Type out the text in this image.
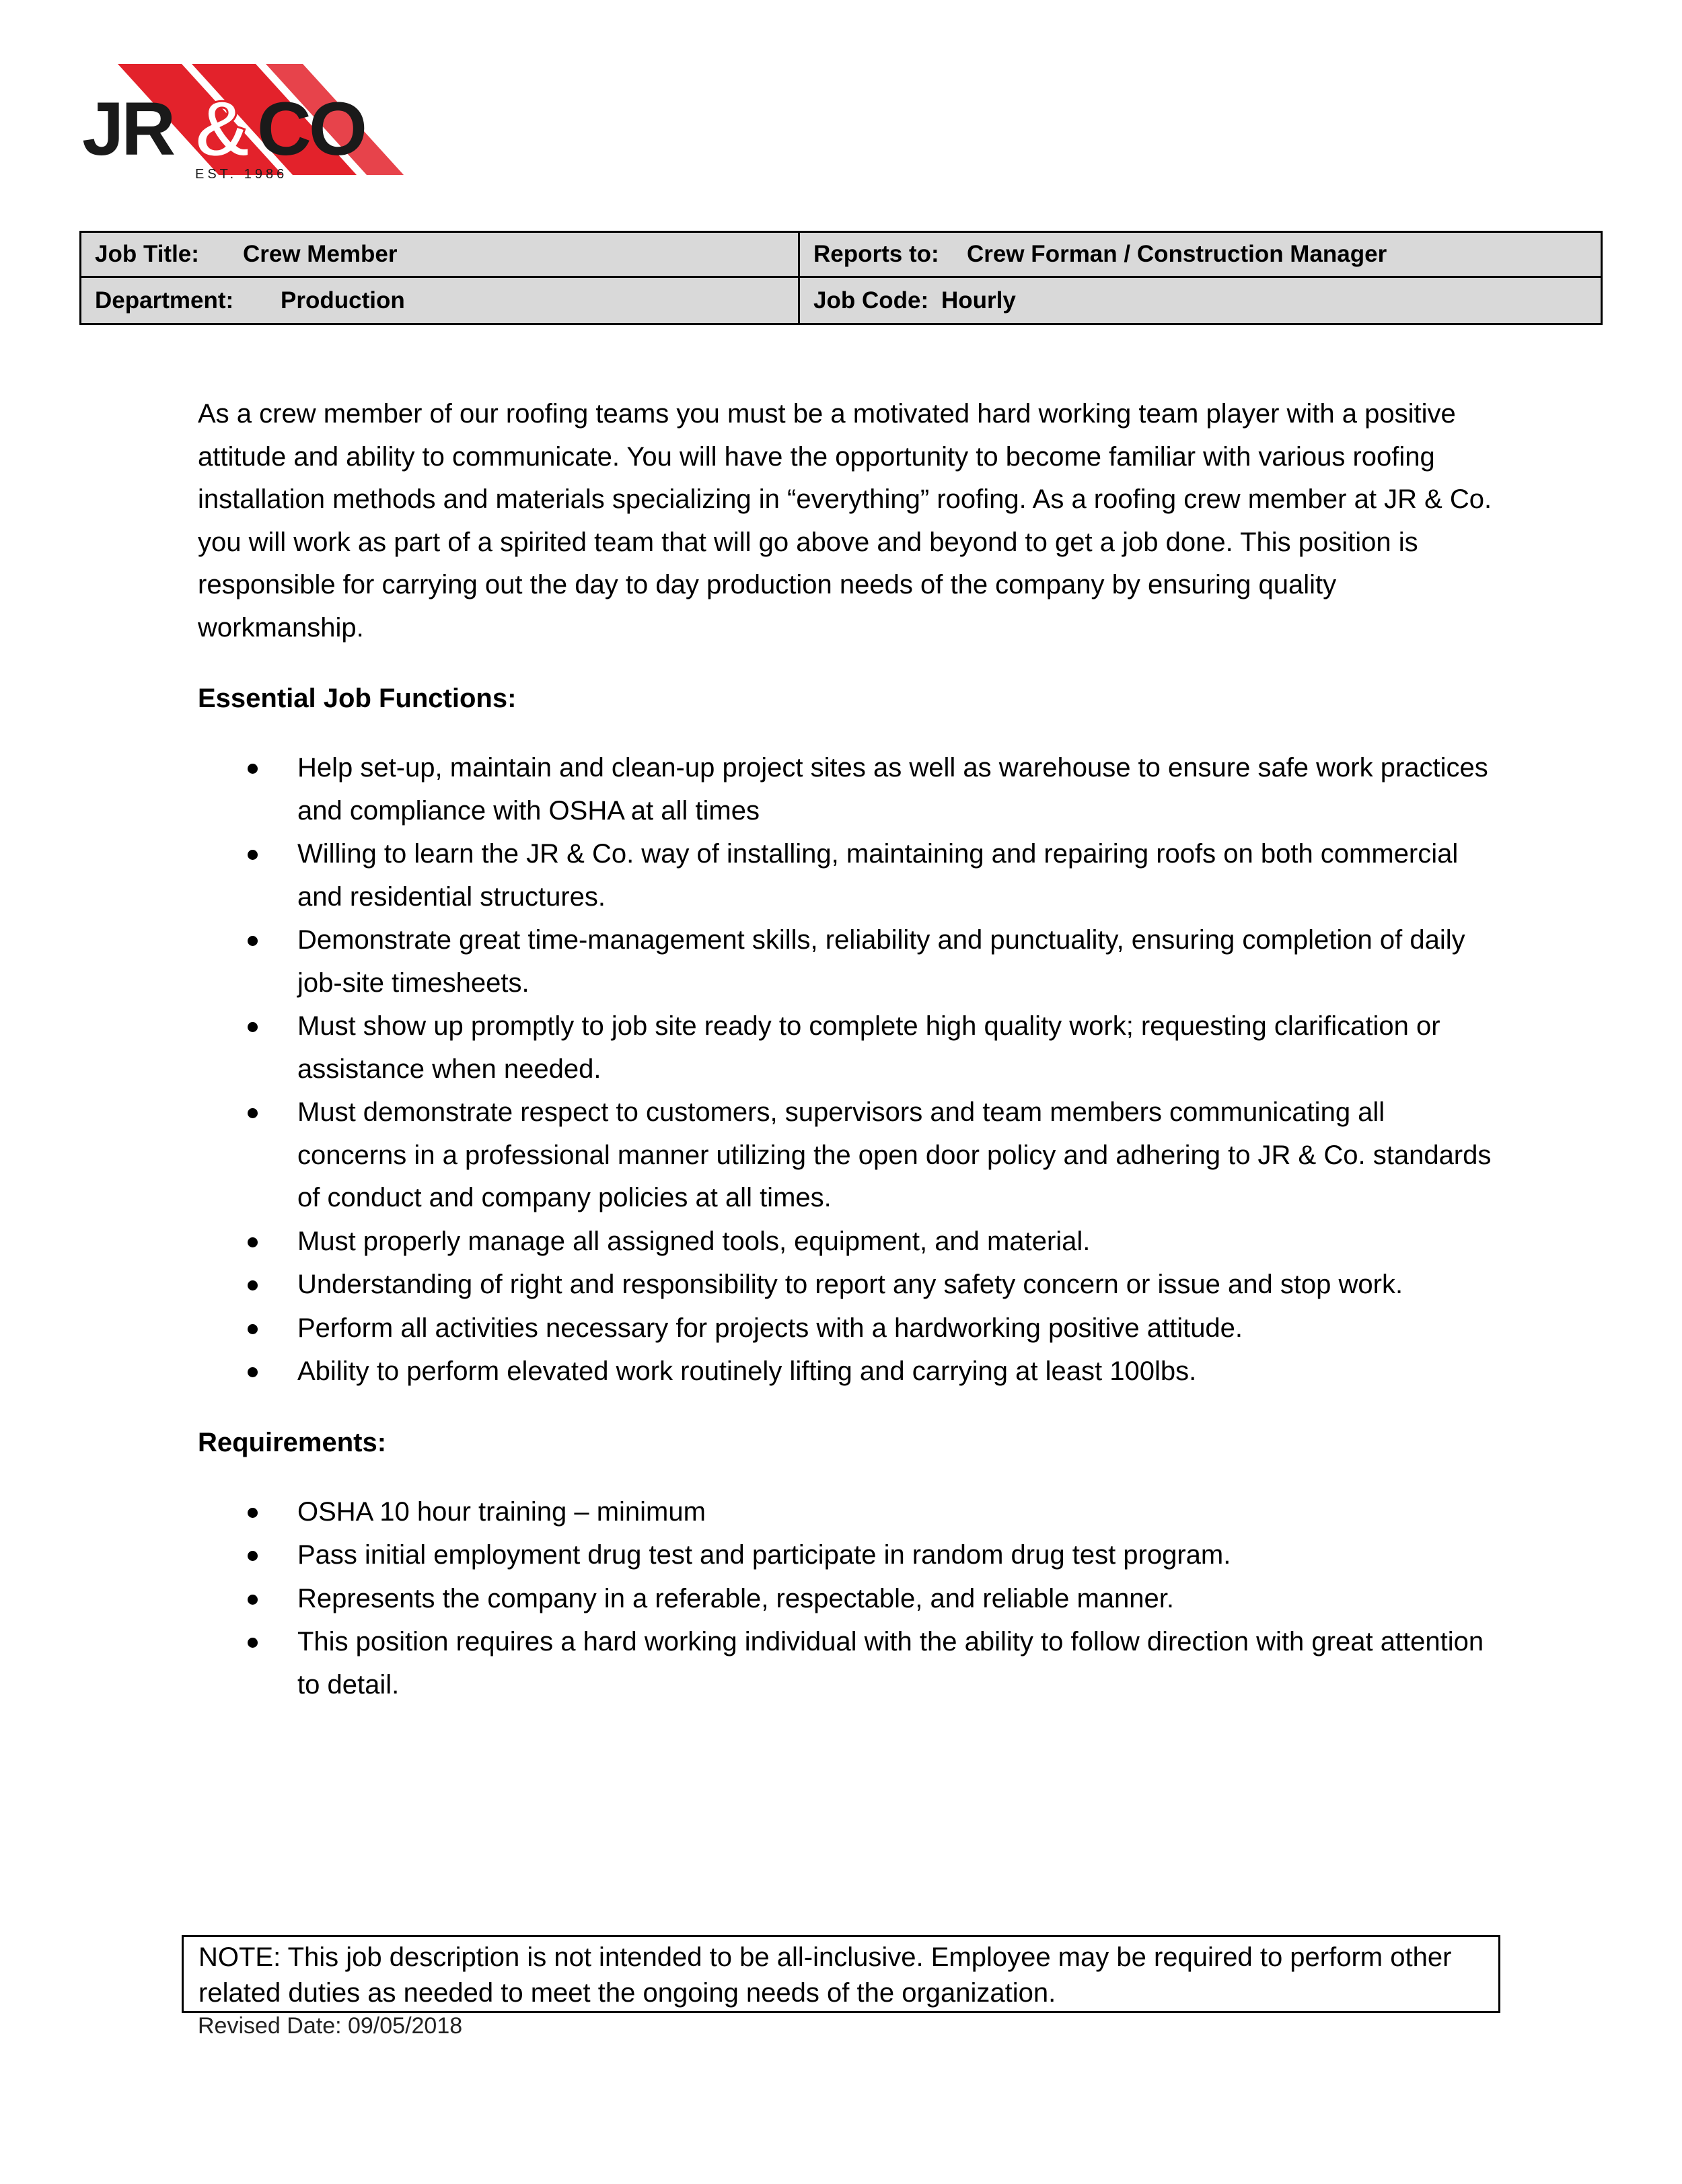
JR & CO
EST. 1986
Job Title:	Crew Member	Reports to:	Crew Forman / Construction Manager
Department:	Production	Job Code: Hourly

As a crew member of our roofing teams you must be a motivated hard working team player with a positive attitude and ability to communicate. You will have the opportunity to become familiar with various roofing installation methods and materials specializing in “everything” roofing. As a roofing crew member at JR & Co. you will work as part of a spirited team that will go above and beyond to get a job done. This position is responsible for carrying out the day to day production needs of the company by ensuring quality workmanship.

Essential Job Functions:

Help set-up, maintain and clean-up project sites as well as warehouse to ensure safe work practices and compliance with OSHA at all times
Willing to learn the JR & Co. way of installing, maintaining and repairing roofs on both commercial and residential structures.
Demonstrate great time-management skills, reliability and punctuality, ensuring completion of daily job-site timesheets.
Must show up promptly to job site ready to complete high quality work; requesting clarification or assistance when needed.
Must demonstrate respect to customers, supervisors and team members communicating all concerns in a professional manner utilizing the open door policy and adhering to JR & Co. standards of conduct and company policies at all times.
Must properly manage all assigned tools, equipment, and material.
Understanding of right and responsibility to report any safety concern or issue and stop work.
Perform all activities necessary for projects with a hardworking positive attitude.
Ability to perform elevated work routinely lifting and carrying at least 100lbs.

Requirements:

OSHA 10 hour training – minimum
Pass initial employment drug test and participate in random drug test program.
Represents the company in a referable, respectable, and reliable manner.
This position requires a hard working individual with the ability to follow direction with great attention to detail.
NOTE: This job description is not intended to be all-inclusive. Employee may be required to perform other related duties as needed to meet the ongoing needs of the organization.
Revised Date: 09/05/2018
